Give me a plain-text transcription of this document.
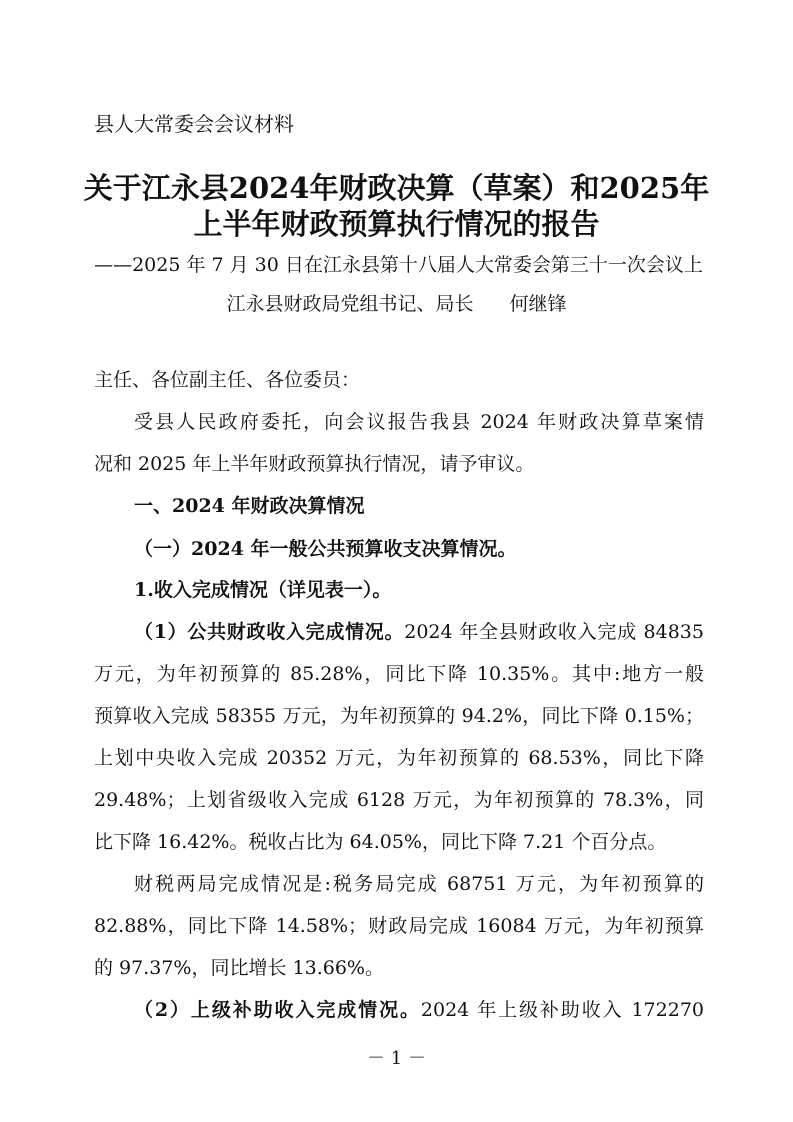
县人大常委会会议材料
关于江永县2024年财政决算（草案）和2025年
上半年财政预算执行情况的报告
——2025 年 7 月 30 日在江永县第十八届人大常委会第三十一次会议上
江永县财政局党组书记、局长 何继锋
主任、各位副主任、各位委员：
受县人民政府委托，向会议报告我县 2024 年财政决算草案情
况和 2025 年上半年财政预算执行情况，请予审议。
一、2024 年财政决算情况
（一）2024 年一般公共预算收支决算情况。
1.收入完成情况（详见表一）。
（1）公共财政收入完成情况。2024 年全县财政收入完成 84835
万元，为年初预算的 85.28%，同比下降 10.35%。其中:地方一般
预算收入完成 58355 万元，为年初预算的 94.2%，同比下降 0.15%；
上划中央收入完成 20352 万元，为年初预算的 68.53%，同比下降
29.48%；上划省级收入完成 6128 万元，为年初预算的 78.3%，同
比下降 16.42%。税收占比为 64.05%，同比下降 7.21 个百分点。
财税两局完成情况是:税务局完成 68751 万元，为年初预算的
82.88%，同比下降 14.58%；财政局完成 16084 万元，为年初预算
的 97.37%，同比增长 13.66%。
（2）上级补助收入完成情况。2024 年上级补助收入 172270
－ 1 －
